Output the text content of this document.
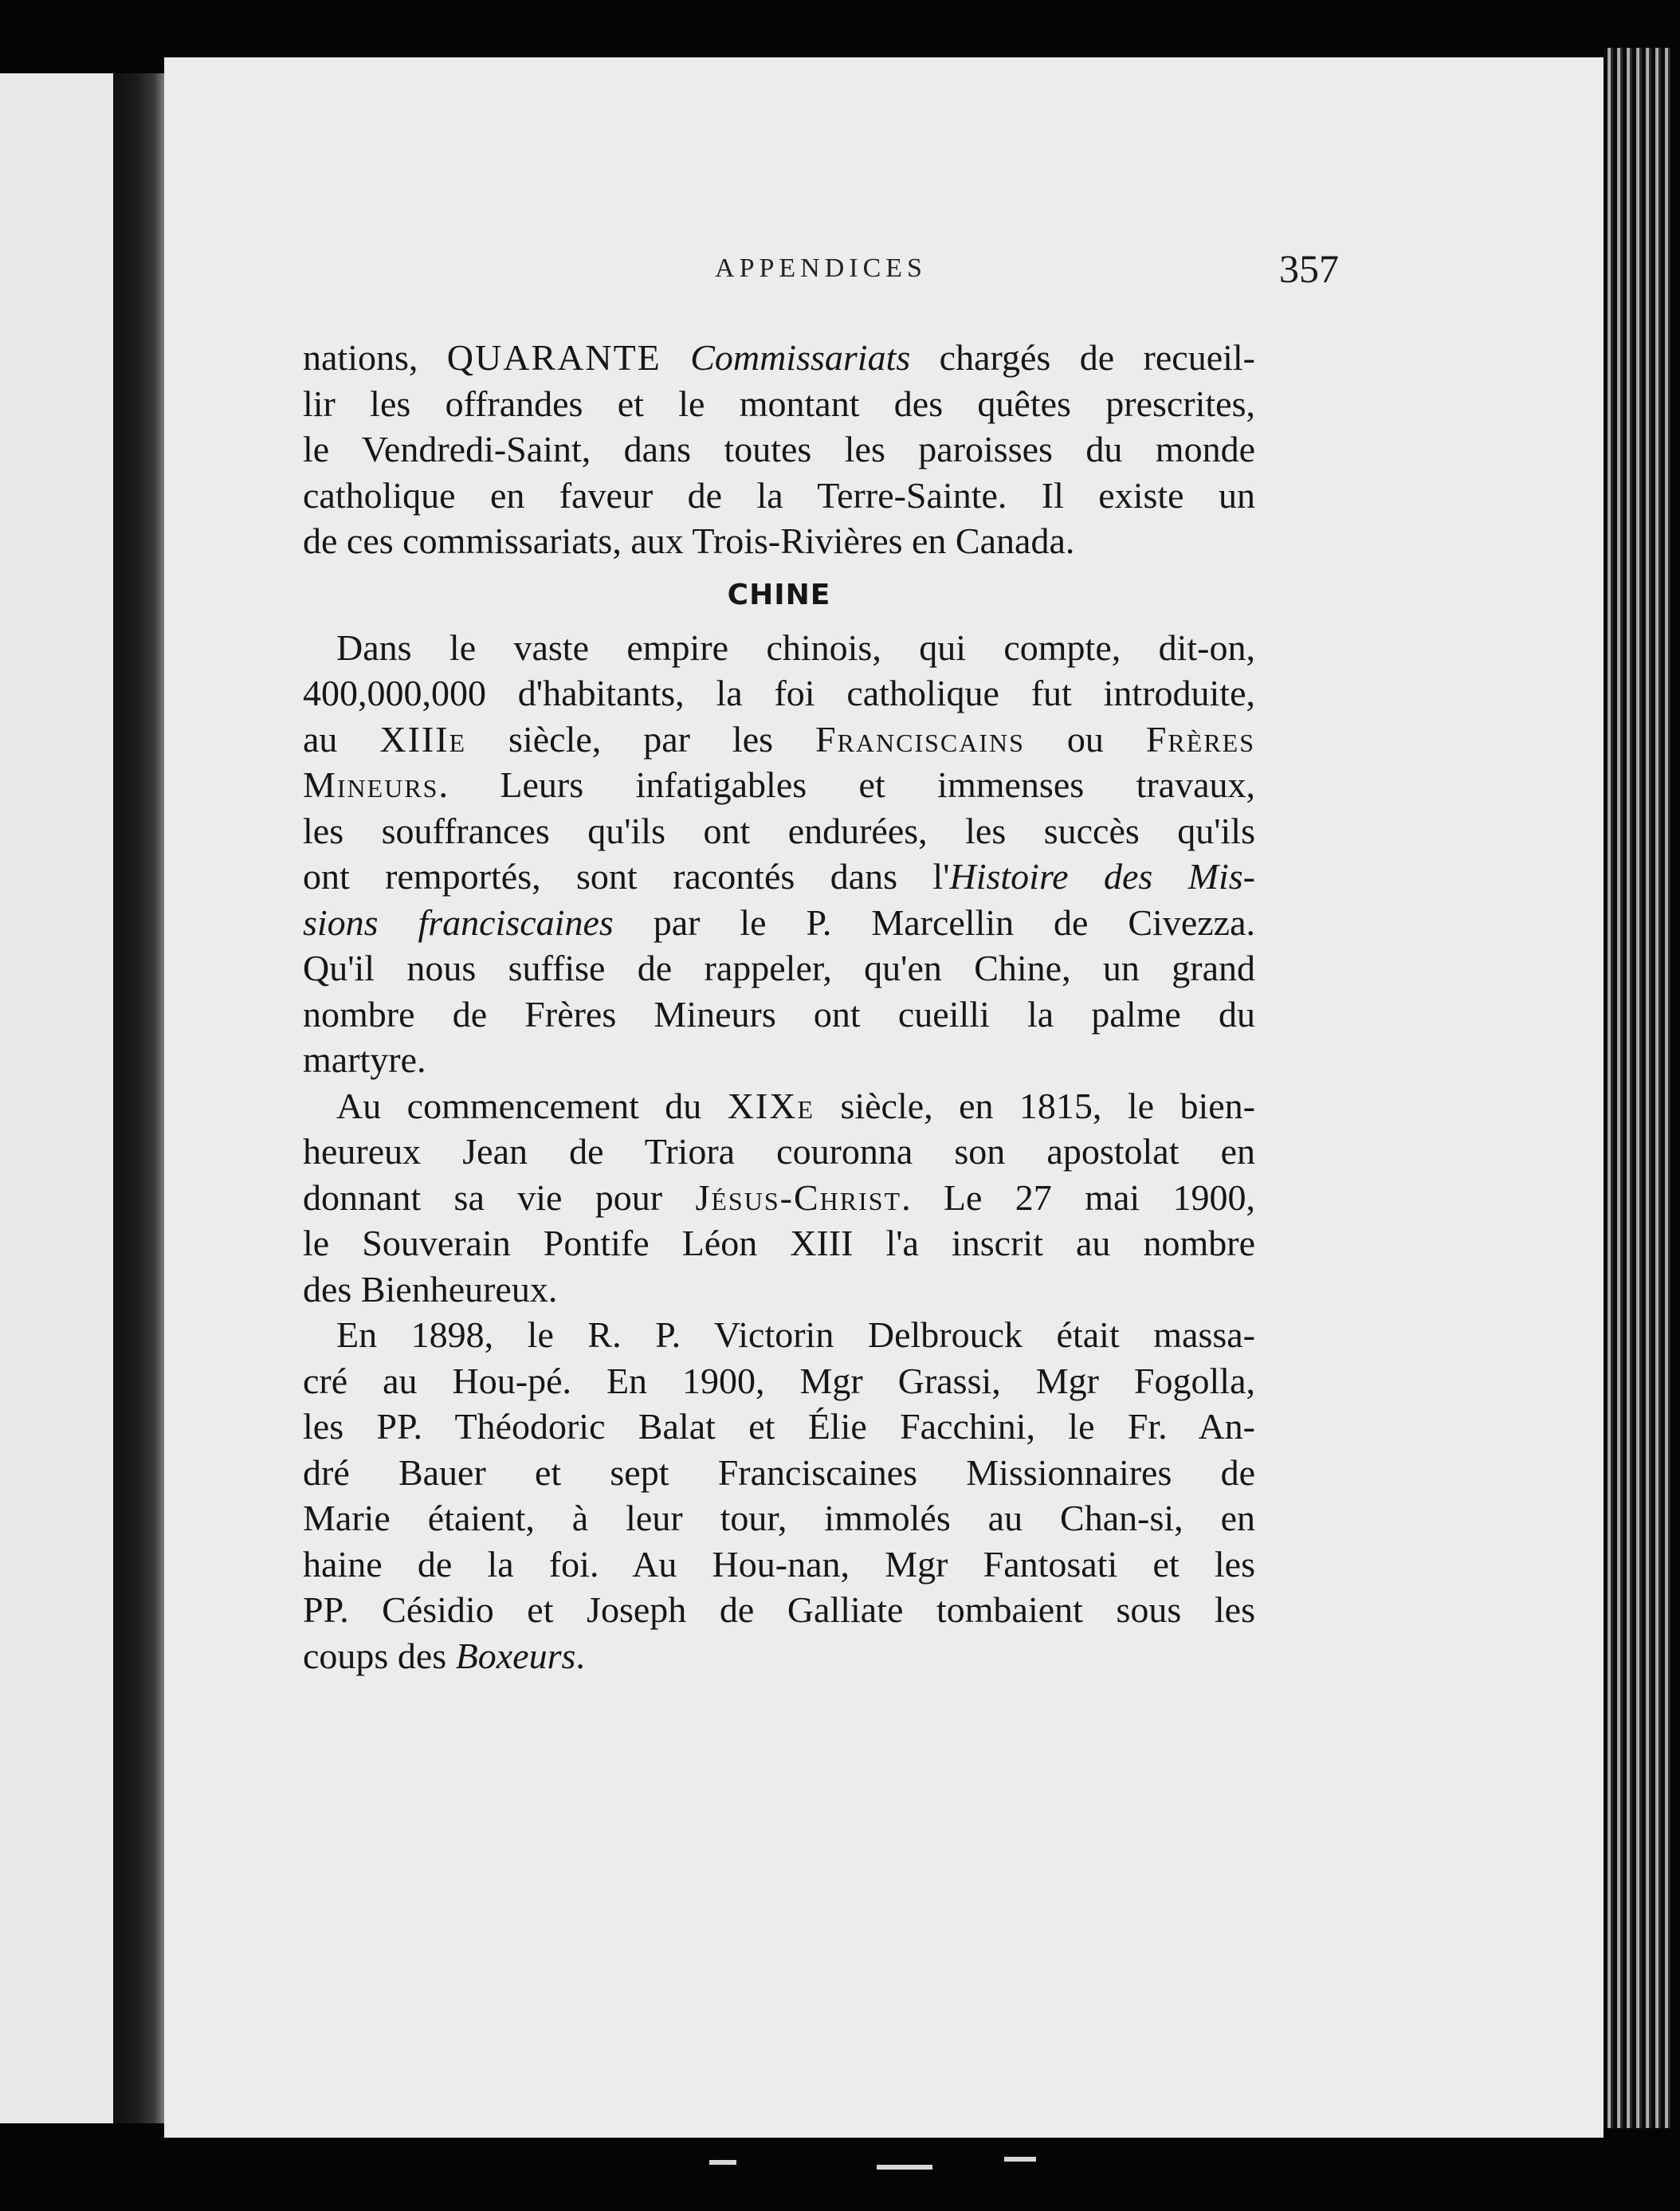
APPENDICES	357
nations, QUARANTE Commissariats chargés de recueil-
lir les offrandes et le montant des quêtes prescrites,
le Vendredi-Saint, dans toutes les paroisses du monde
catholique en faveur de la Terre-Sainte. Il existe un
de ces commissariats, aux Trois-Rivières en Canada.
CHINE
Dans le vaste empire chinois, qui compte, dit-on,
400,000,000 d'habitants, la foi catholique fut introduite,
au XIIIe siècle, par les Franciscains ou Frères
Mineurs. Leurs infatigables et immenses travaux,
les souffrances qu'ils ont endurées, les succès qu'ils
ont remportés, sont racontés dans l'Histoire des Mis-
sions franciscaines par le P. Marcellin de Civezza.
Qu'il nous suffise de rappeler, qu'en Chine, un grand
nombre de Frères Mineurs ont cueilli la palme du
martyre.
Au commencement du XIXe siècle, en 1815, le bien-
heureux Jean de Triora couronna son apostolat en
donnant sa vie pour Jésus-Christ. Le 27 mai 1900,
le Souverain Pontife Léon XIII l'a inscrit au nombre
des Bienheureux.
En 1898, le R. P. Victorin Delbrouck était massa-
cré au Hou-pé. En 1900, Mgr Grassi, Mgr Fogolla,
les PP. Théodoric Balat et Élie Facchini, le Fr. An-
dré Bauer et sept Franciscaines Missionnaires de
Marie étaient, à leur tour, immolés au Chan-si, en
haine de la foi. Au Hou-nan, Mgr Fantosati et les
PP. Césidio et Joseph de Galliate tombaient sous les
coups des Boxeurs.
